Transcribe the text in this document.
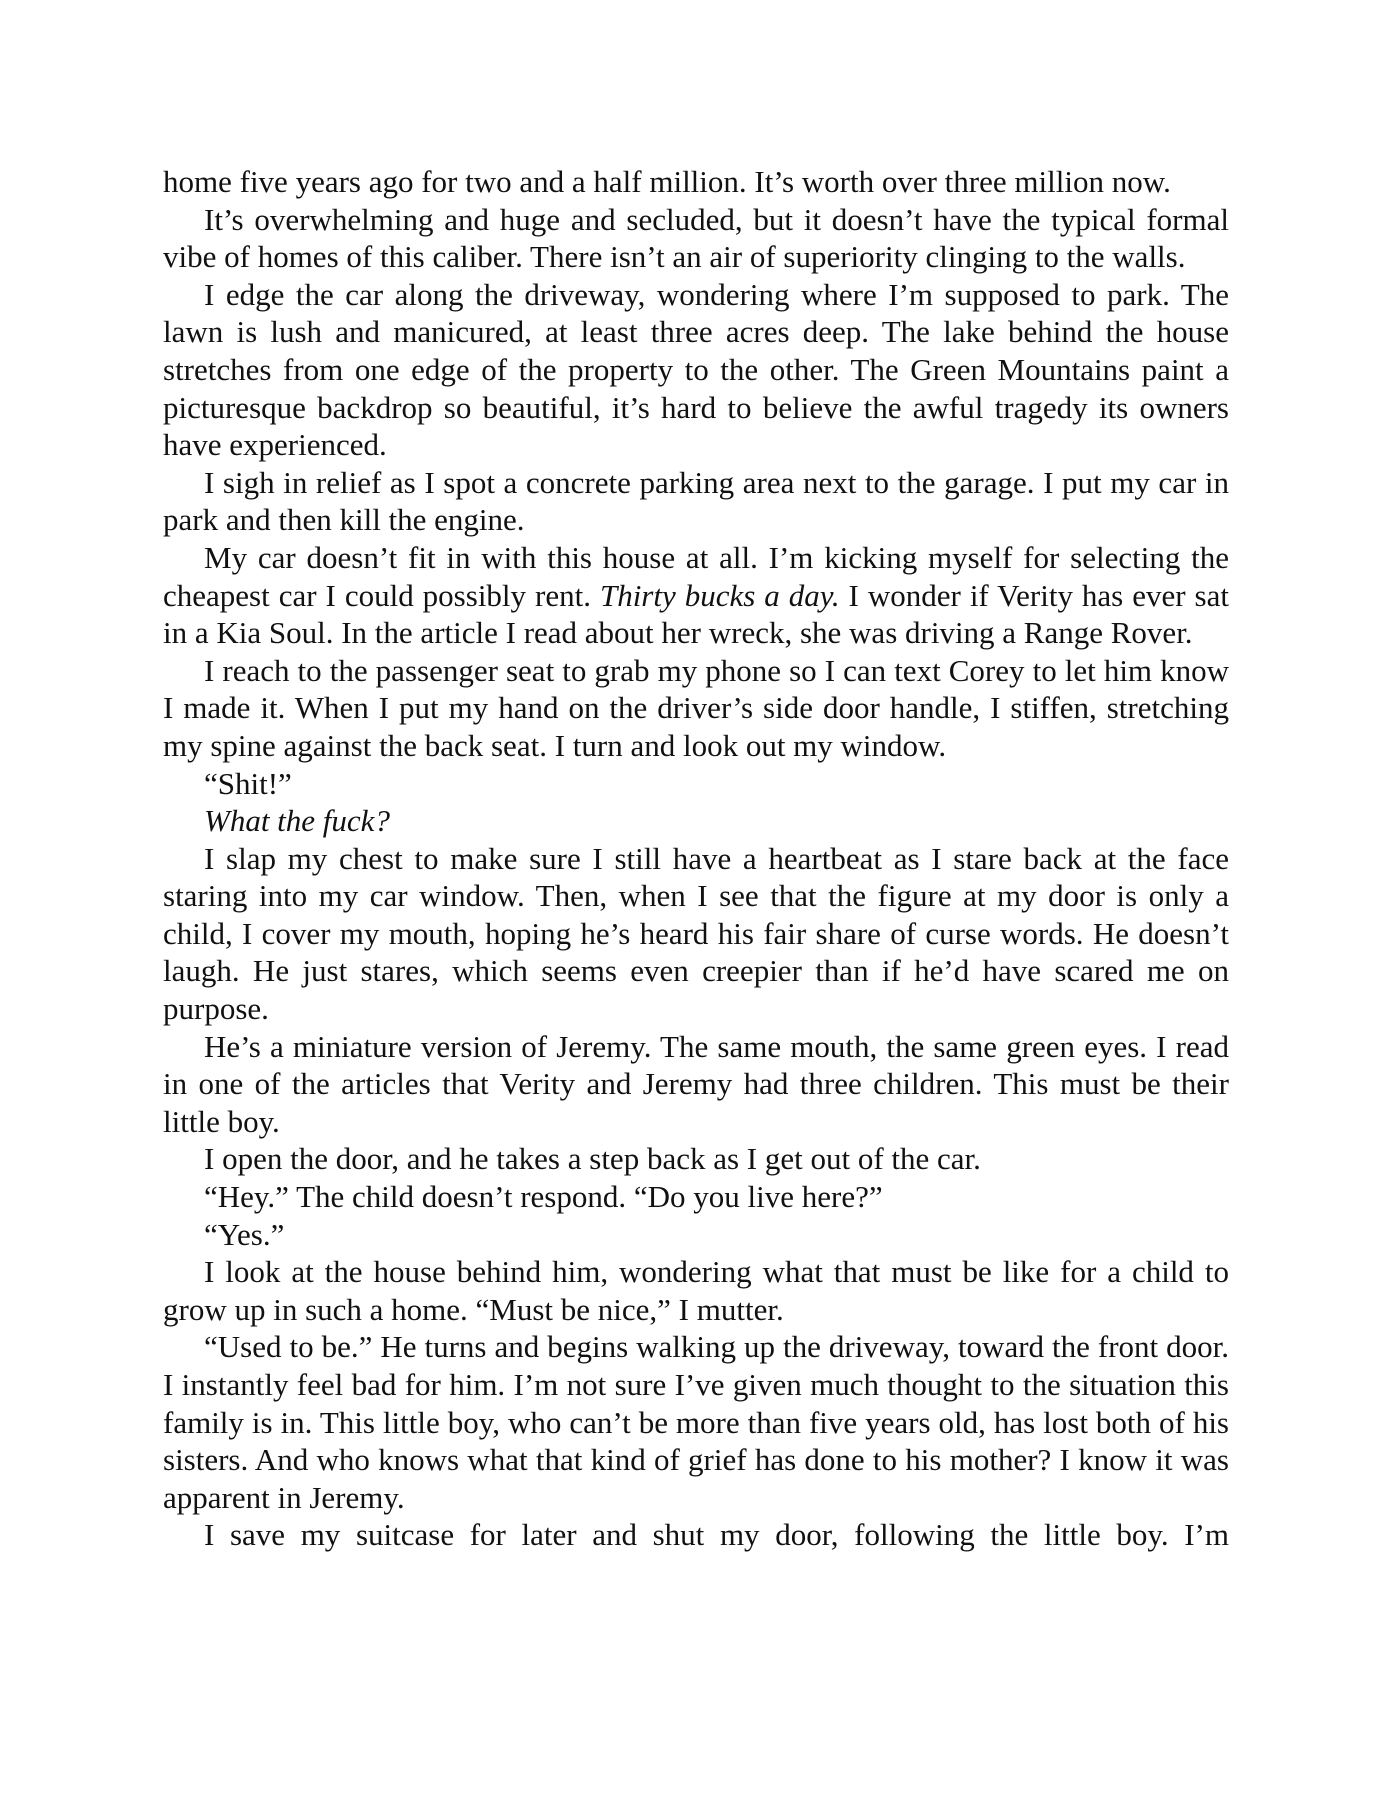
home five years ago for two and a half million. It’s worth over three million now.

It’s overwhelming and huge and secluded, but it doesn’t have the typical formal vibe of homes of this caliber. There isn’t an air of superiority clinging to the walls.

I edge the car along the driveway, wondering where I’m supposed to park. The lawn is lush and manicured, at least three acres deep. The lake behind the house stretches from one edge of the property to the other. The Green Mountains paint a picturesque backdrop so beautiful, it’s hard to believe the awful tragedy its owners have experienced.

I sigh in relief as I spot a concrete parking area next to the garage. I put my car in park and then kill the engine.

My car doesn’t fit in with this house at all. I’m kicking myself for selecting the cheapest car I could possibly rent. Thirty bucks a day. I wonder if Verity has ever sat in a Kia Soul. In the article I read about her wreck, she was driving a Range Rover.

I reach to the passenger seat to grab my phone so I can text Corey to let him know I made it. When I put my hand on the driver’s side door handle, I stiffen, stretching my spine against the back seat. I turn and look out my window.

“Shit!”

What the fuck?

I slap my chest to make sure I still have a heartbeat as I stare back at the face staring into my car window. Then, when I see that the figure at my door is only a child, I cover my mouth, hoping he’s heard his fair share of curse words. He doesn’t laugh. He just stares, which seems even creepier than if he’d have scared me on purpose.

He’s a miniature version of Jeremy. The same mouth, the same green eyes. I read in one of the articles that Verity and Jeremy had three children. This must be their little boy.

I open the door, and he takes a step back as I get out of the car.

“Hey.” The child doesn’t respond. “Do you live here?”

“Yes.”

I look at the house behind him, wondering what that must be like for a child to grow up in such a home. “Must be nice,” I mutter.

“Used to be.” He turns and begins walking up the driveway, toward the front door. I instantly feel bad for him. I’m not sure I’ve given much thought to the situation this family is in. This little boy, who can’t be more than five years old, has lost both of his sisters. And who knows what that kind of grief has done to his mother? I know it was apparent in Jeremy.

I save my suitcase for later and shut my door, following the little boy. I’m
